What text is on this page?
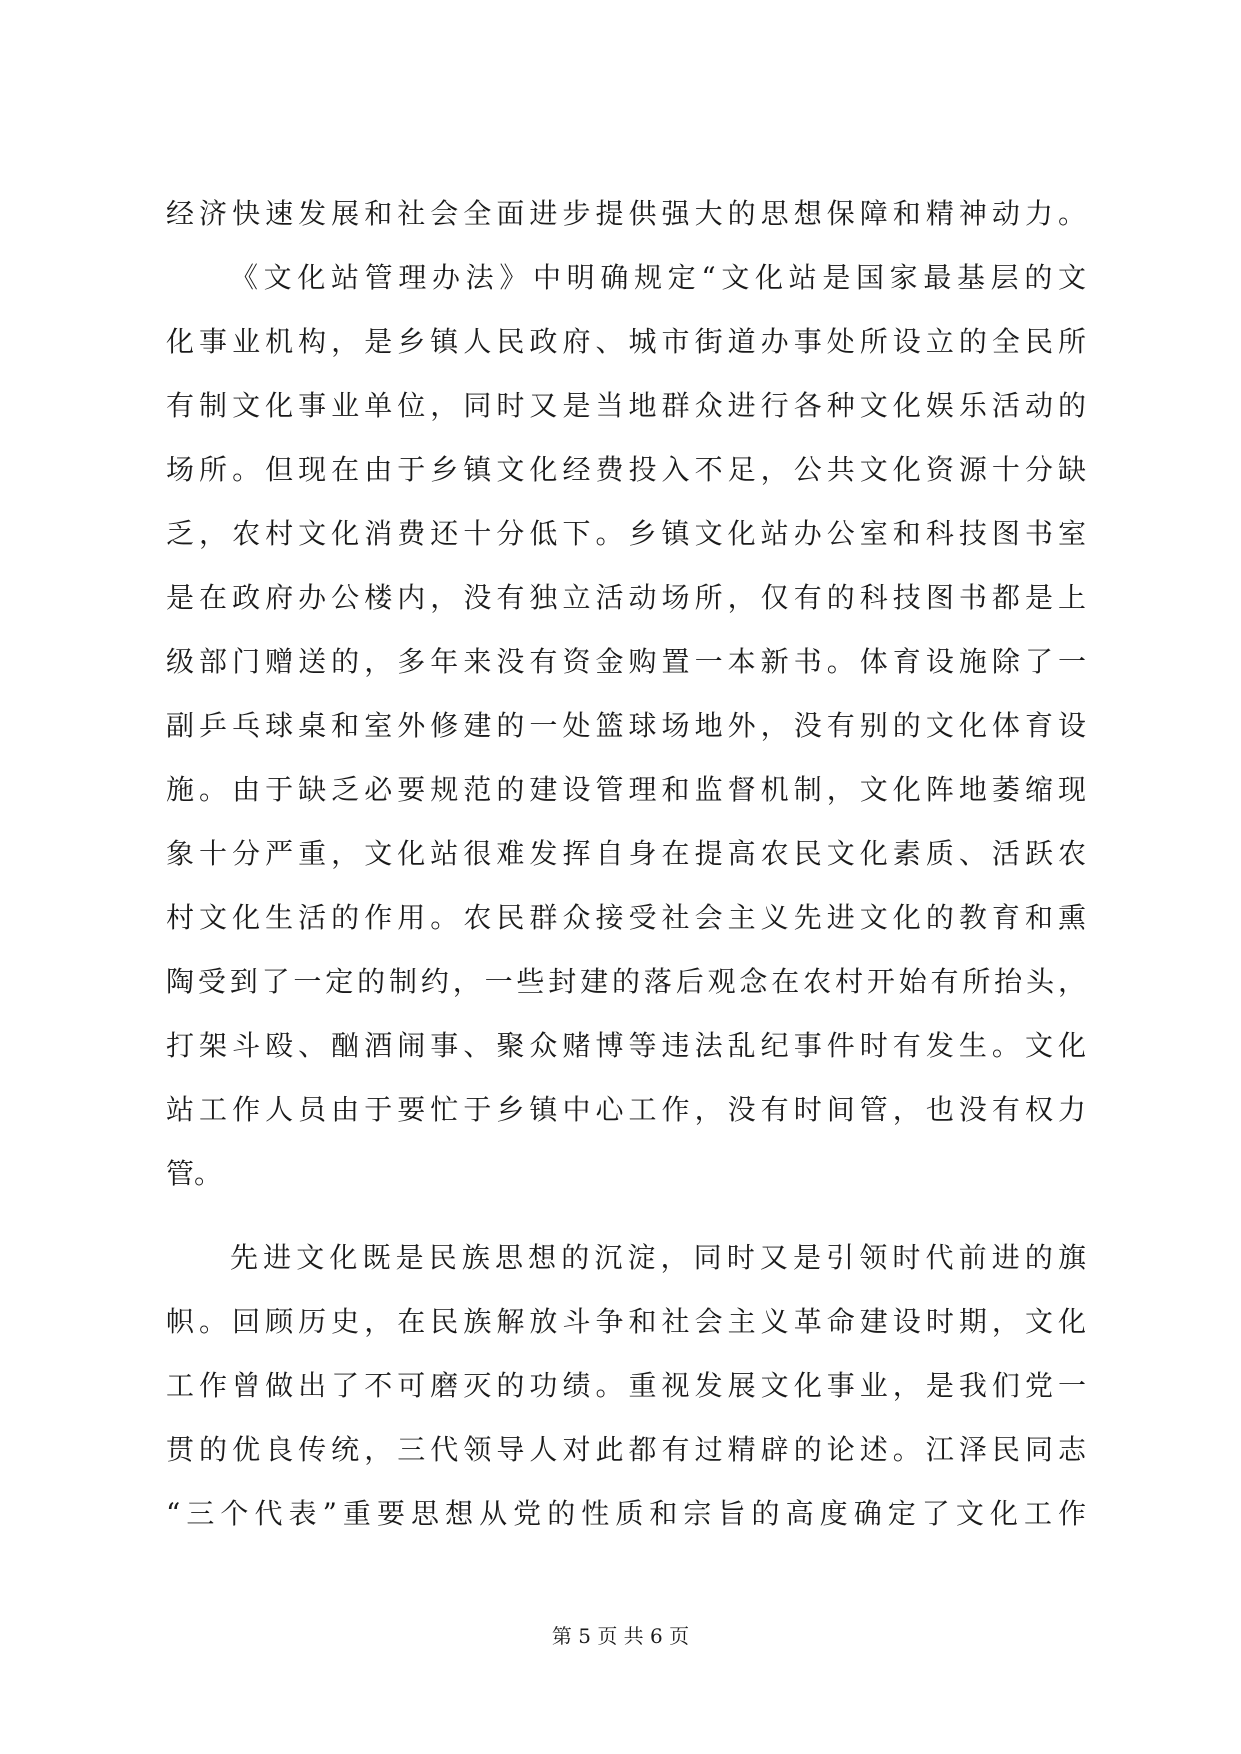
经济快速发展和社会全面进步提供强大的思想保障和精神动力。
《文化站管理办法》中明确规定“文化站是国家最基层的文
化事业机构，是乡镇人民政府、城市街道办事处所设立的全民所
有制文化事业单位，同时又是当地群众进行各种文化娱乐活动的
场所。但现在由于乡镇文化经费投入不足，公共文化资源十分缺
乏，农村文化消费还十分低下。乡镇文化站办公室和科技图书室
是在政府办公楼内，没有独立活动场所，仅有的科技图书都是上
级部门赠送的，多年来没有资金购置一本新书。体育设施除了一
副乒乓球桌和室外修建的一处篮球场地外，没有别的文化体育设
施。由于缺乏必要规范的建设管理和监督机制，文化阵地萎缩现
象十分严重，文化站很难发挥自身在提高农民文化素质、活跃农
村文化生活的作用。农民群众接受社会主义先进文化的教育和熏
陶受到了一定的制约，一些封建的落后观念在农村开始有所抬头，
打架斗殴、酗酒闹事、聚众赌博等违法乱纪事件时有发生。文化
站工作人员由于要忙于乡镇中心工作，没有时间管，也没有权力
管。
先进文化既是民族思想的沉淀，同时又是引领时代前进的旗
帜。回顾历史，在民族解放斗争和社会主义革命建设时期，文化
工作曾做出了不可磨灭的功绩。重视发展文化事业，是我们党一
贯的优良传统，三代领导人对此都有过精辟的论述。江泽民同志
“三个代表”重要思想从党的性质和宗旨的高度确定了文化工作
第 5 页 共 6 页
